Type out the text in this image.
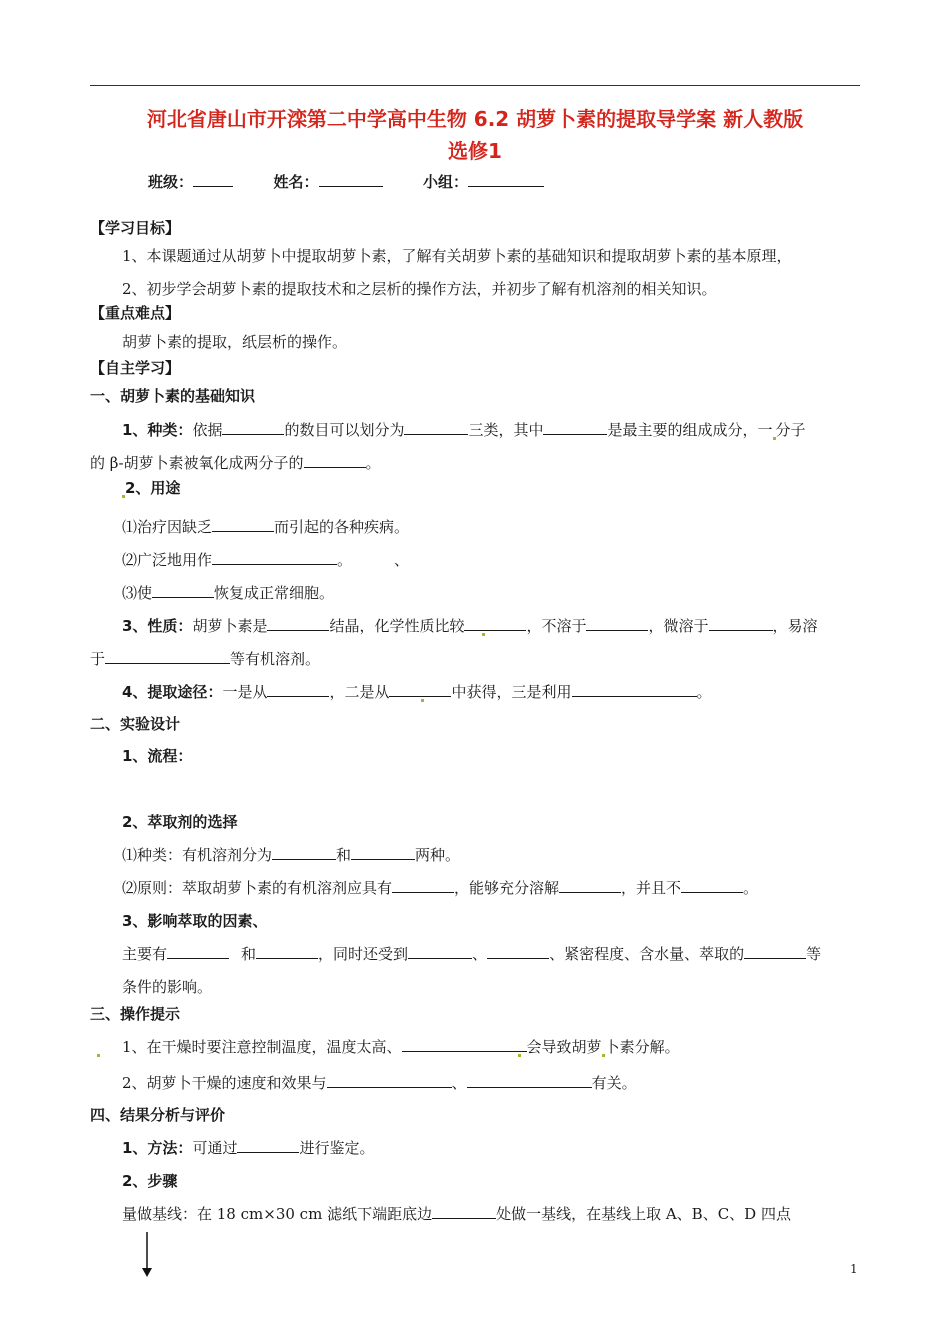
河北省唐山市开滦第二中学高中生物 6.2 胡萝卜素的提取导学案 新人教版
选修1
班级：	姓名：	小组：
【学习目标】
1、本课题通过从胡萝卜中提取胡萝卜素，了解有关胡萝卜素的基础知识和提取胡萝卜素的基本原理，
2、初步学会胡萝卜素的提取技术和之层析的操作方法，并初步了解有机溶剂的相关知识。
【重点难点】
胡萝卜素的提取，纸层析的操作。
【自主学习】
一、胡萝卜素的基础知识
1、种类：依据	的数目可以划分为	三类，其中	是最主要的组成成分，一 分子
的 β-胡萝卜素被氧化成两分子的	。
2、用途
⑴治疗因缺乏	而引起的各种疾病。
⑵广泛地用作	。	、
⑶使	恢复成正常细胞。
3、性质：胡萝卜素是	结晶，化学性质比较	，不溶于	，微溶于	，易溶
于	等有机溶剂。
4、提取途径：一是从	，二是从	中获得，三是利用	。
二、实验设计
1、流程：
2、萃取剂的选择
⑴种类：有机溶剂分为	和	两种。
⑵原则：萃取胡萝卜素的有机溶剂应具有	，能够充分溶解	，并且不	。
3、影响萃取的因素、
主要有	和	，同时还受到	、	、紧密程度、含水量、萃取的	等
条件的影响。
三、操作提示
1、在干燥时要注意控制温度，温度太高、	会导致胡萝 卜素分解。
2、胡萝卜干燥的速度和效果与	、	有关。
四、结果分析与评价
1、方法：可通过	进行鉴定。
2、步骤
量做基线：在 18 cm×30 cm 滤纸下端距底边	处做一基线，在基线上取 A、B、C、D 四点
1
